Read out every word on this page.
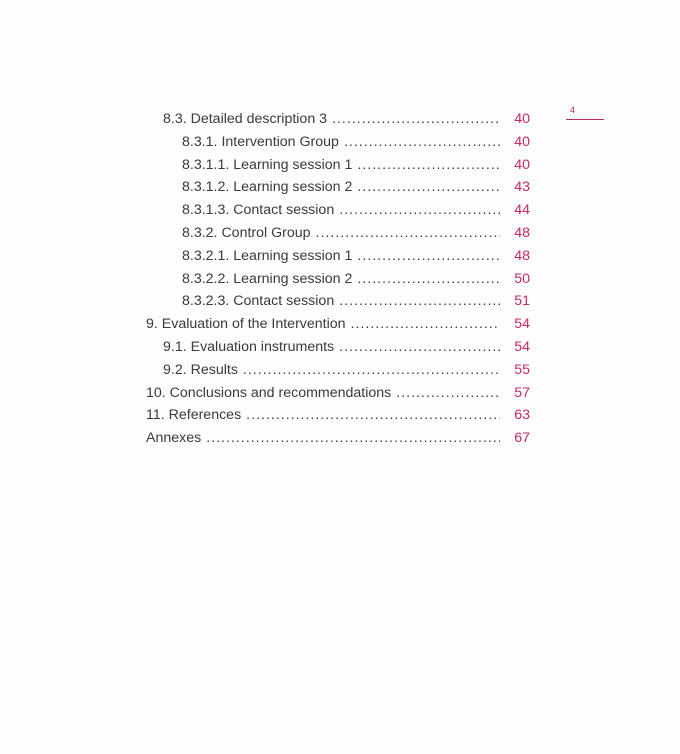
4
8.3. Detailed description 3 .....	40
8.3.1. Intervention Group .....	40
8.3.1.1. Learning session 1 .....	40
8.3.1.2. Learning session 2 .....	43
8.3.1.3. Contact session .....	44
8.3.2. Control Group .....	48
8.3.2.1. Learning session 1 .....	48
8.3.2.2. Learning session 2 .....	50
8.3.2.3. Contact session .....	51
9. Evaluation of the Intervention .....	54
9.1. Evaluation instruments .....	54
9.2. Results .....	55
10. Conclusions and recommendations .....	57
11. References .....	63
Annexes .....	67
